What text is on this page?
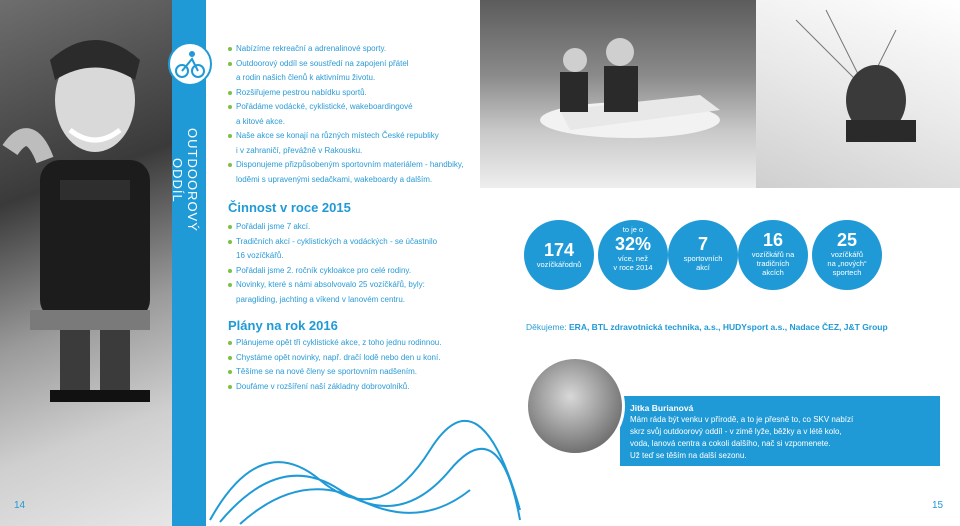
OUTDOOROVÝ ODDÍL
Nabízíme rekreační a adrenalinové sporty.
Outdoorový oddíl se soustředí na zapojení přátel
a rodin našich členů k aktivnímu životu.
Rozšiřujeme pestrou nabídku sportů.
Pořádáme vodácké, cyklistické, wakeboardingové
a kitové akce.
Naše akce se konají na různých místech České republiky
i v zahraničí, převážně v Rakousku.
Disponujeme přizpůsobeným sportovním materiálem - handbiky,
loděmi s upravenými sedačkami, wakeboardy a dalším.
Činnost v roce 2015
Pořádali jsme 7 akcí.
Tradičních akcí - cyklistických a vodáckých - se účastnilo
16 vozíčkářů.
Pořádali jsme 2. ročník cykloakce pro celé rodiny.
Novinky, které s námi absolvovalo 25 vozíčkářů, byly:
paragliding, jachting a víkend v lanovém centru.
Plány na rok 2016
Plánujeme opět tři cyklistické akce, z toho jednu rodinnou.
Chystáme opět novinky, např. dračí lodě nebo den u koní.
Těšíme se na nové členy se sportovním nadšením.
Doufáme v rozšíření naší základny dobrovolníků.
174
vozíčkářodnů
to je o
32%
více, než
v roce 2014
7
sportovních
akcí
16
vozíčkářů na
tradičních
akcích
25
vozíčkářů
na „nových“
sportech
Děkujeme: ERA, BTL zdravotnická technika, a.s., HUDYsport a.s., Nadace ČEZ, J&T Group
Jitka Burianová
Mám ráda být venku v přírodě, a to je přesně to, co SKV nabízí
skrz svůj outdoorový oddíl - v zimě lyže, běžky a v létě kolo,
voda, lanová centra a cokoli dalšího, nač si vzpomenete.
Už teď se těším na další sezonu.
14	15
